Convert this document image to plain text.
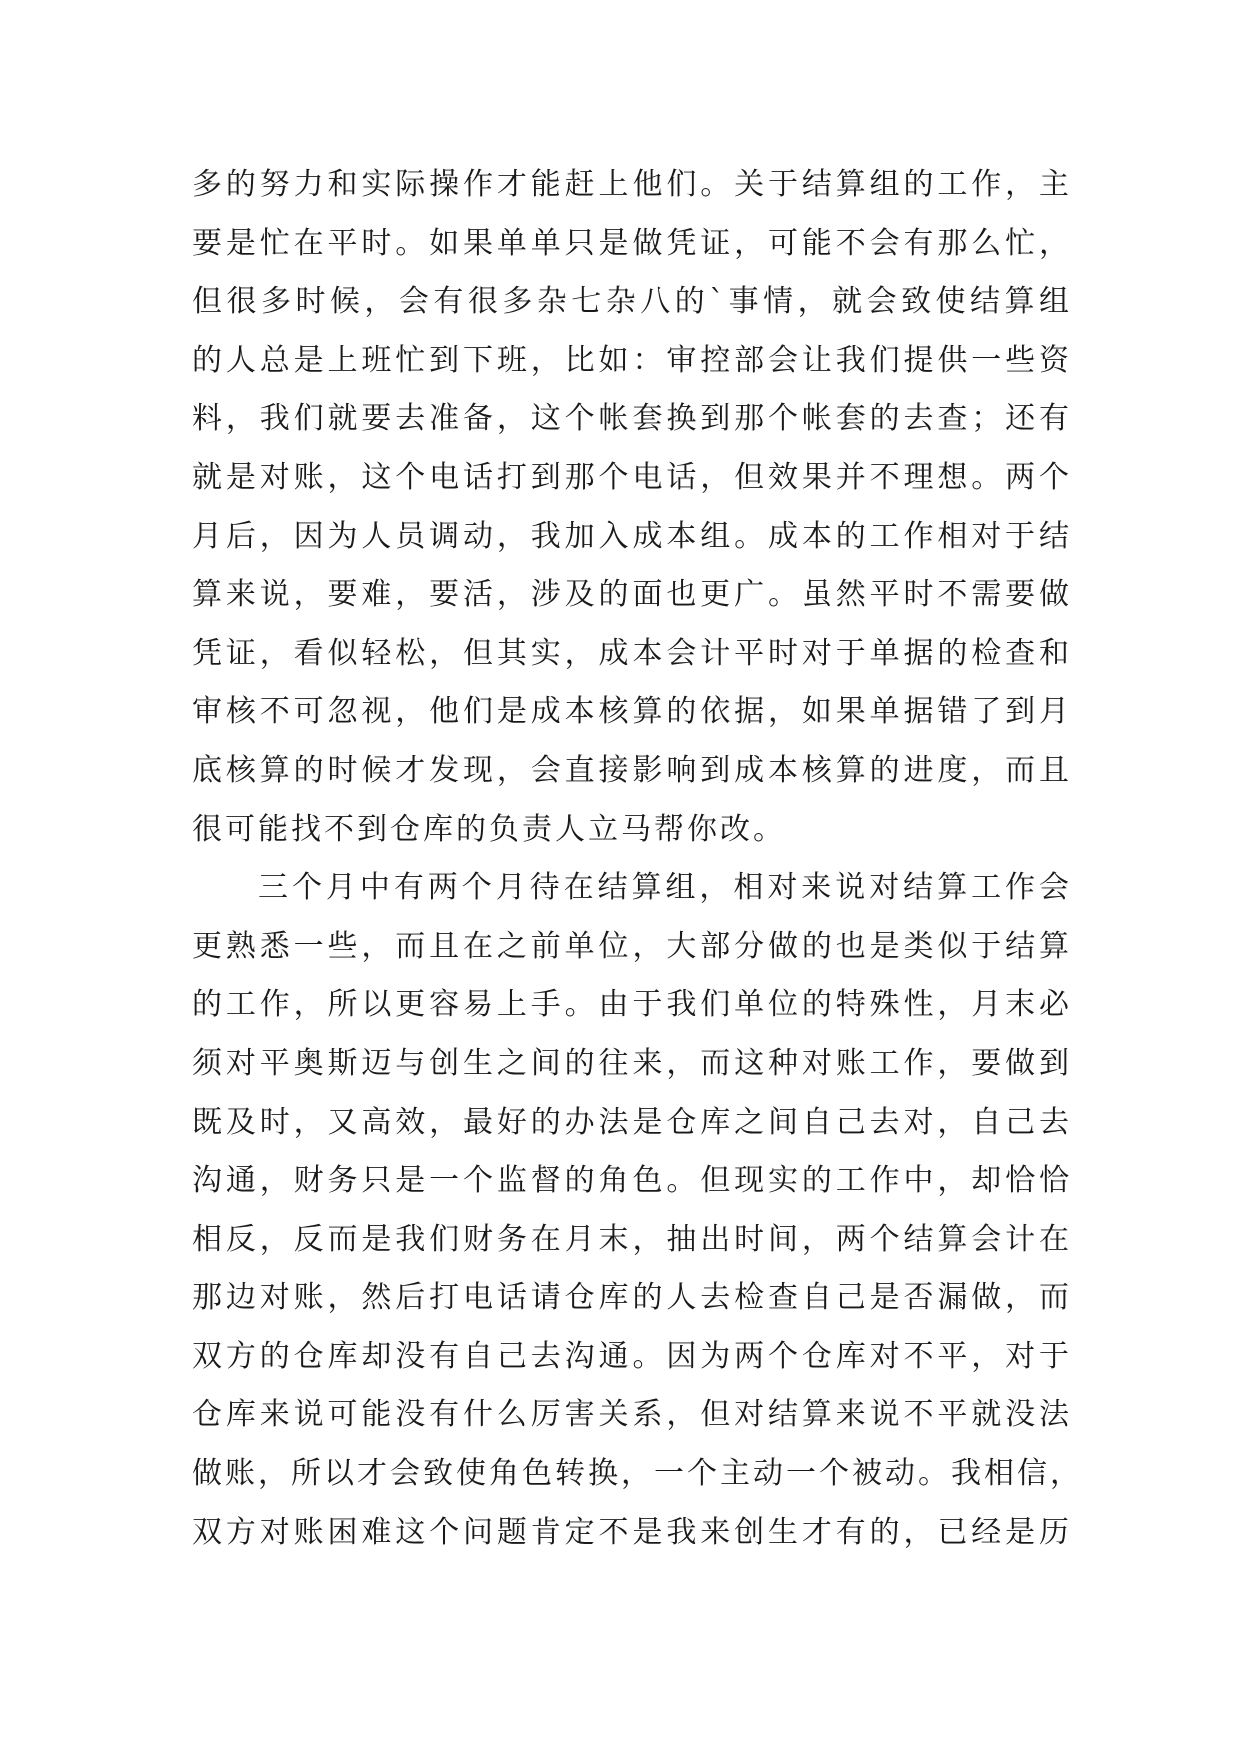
多的努力和实际操作才能赶上他们。关于结算组的工作，主
要是忙在平时。如果单单只是做凭证，可能不会有那么忙，
但很多时候，会有很多杂七杂八的`事情，就会致使结算组
的人总是上班忙到下班，比如：审控部会让我们提供一些资
料，我们就要去准备，这个帐套换到那个帐套的去查；还有
就是对账，这个电话打到那个电话，但效果并不理想。两个
月后，因为人员调动，我加入成本组。成本的工作相对于结
算来说，要难，要活，涉及的面也更广。虽然平时不需要做
凭证，看似轻松，但其实，成本会计平时对于单据的检查和
审核不可忽视，他们是成本核算的依据，如果单据错了到月
底核算的时候才发现，会直接影响到成本核算的进度，而且
很可能找不到仓库的负责人立马帮你改。
三个月中有两个月待在结算组，相对来说对结算工作会
更熟悉一些，而且在之前单位，大部分做的也是类似于结算
的工作，所以更容易上手。由于我们单位的特殊性，月末必
须对平奥斯迈与创生之间的往来，而这种对账工作，要做到
既及时，又高效，最好的办法是仓库之间自己去对，自己去
沟通，财务只是一个监督的角色。但现实的工作中，却恰恰
相反，反而是我们财务在月末，抽出时间，两个结算会计在
那边对账，然后打电话请仓库的人去检查自己是否漏做，而
双方的仓库却没有自己去沟通。因为两个仓库对不平，对于
仓库来说可能没有什么厉害关系，但对结算来说不平就没法
做账，所以才会致使角色转换，一个主动一个被动。我相信，
双方对账困难这个问题肯定不是我来创生才有的，已经是历
